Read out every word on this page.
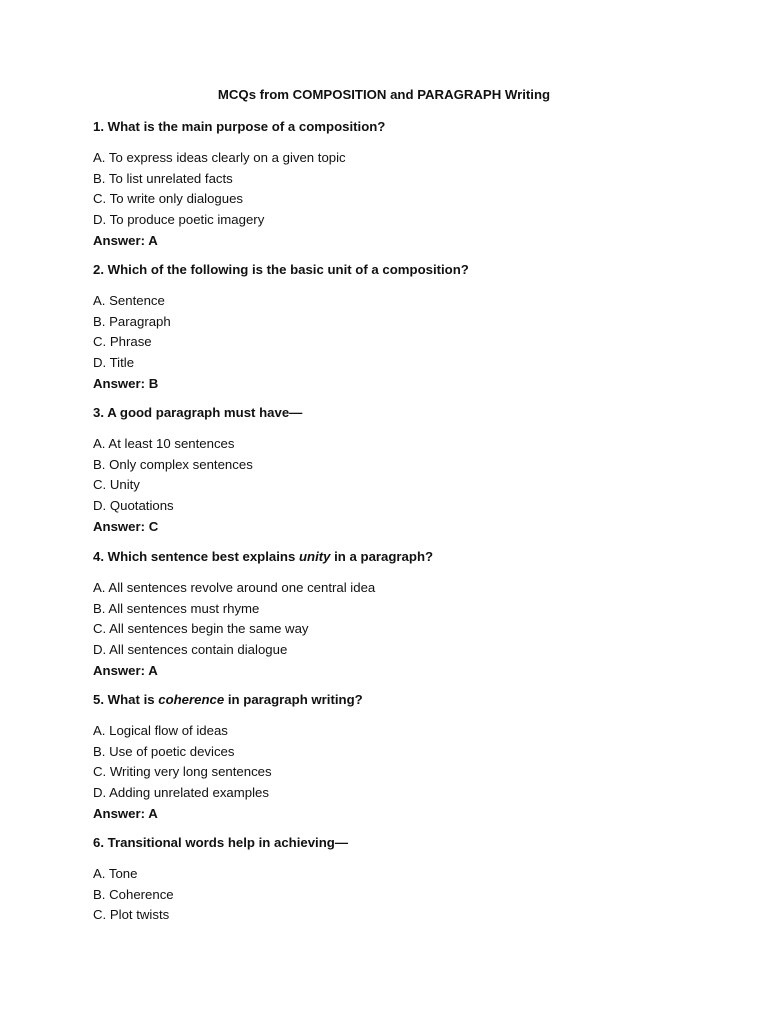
MCQs from COMPOSITION and PARAGRAPH Writing
1. What is the main purpose of a composition?
A. To express ideas clearly on a given topic
B. To list unrelated facts
C. To write only dialogues
D. To produce poetic imagery
Answer: A
2. Which of the following is the basic unit of a composition?
A. Sentence
B. Paragraph
C. Phrase
D. Title
Answer: B
3. A good paragraph must have—
A. At least 10 sentences
B. Only complex sentences
C. Unity
D. Quotations
Answer: C
4. Which sentence best explains unity in a paragraph?
A. All sentences revolve around one central idea
B. All sentences must rhyme
C. All sentences begin the same way
D. All sentences contain dialogue
Answer: A
5. What is coherence in paragraph writing?
A. Logical flow of ideas
B. Use of poetic devices
C. Writing very long sentences
D. Adding unrelated examples
Answer: A
6. Transitional words help in achieving—
A. Tone
B. Coherence
C. Plot twists
